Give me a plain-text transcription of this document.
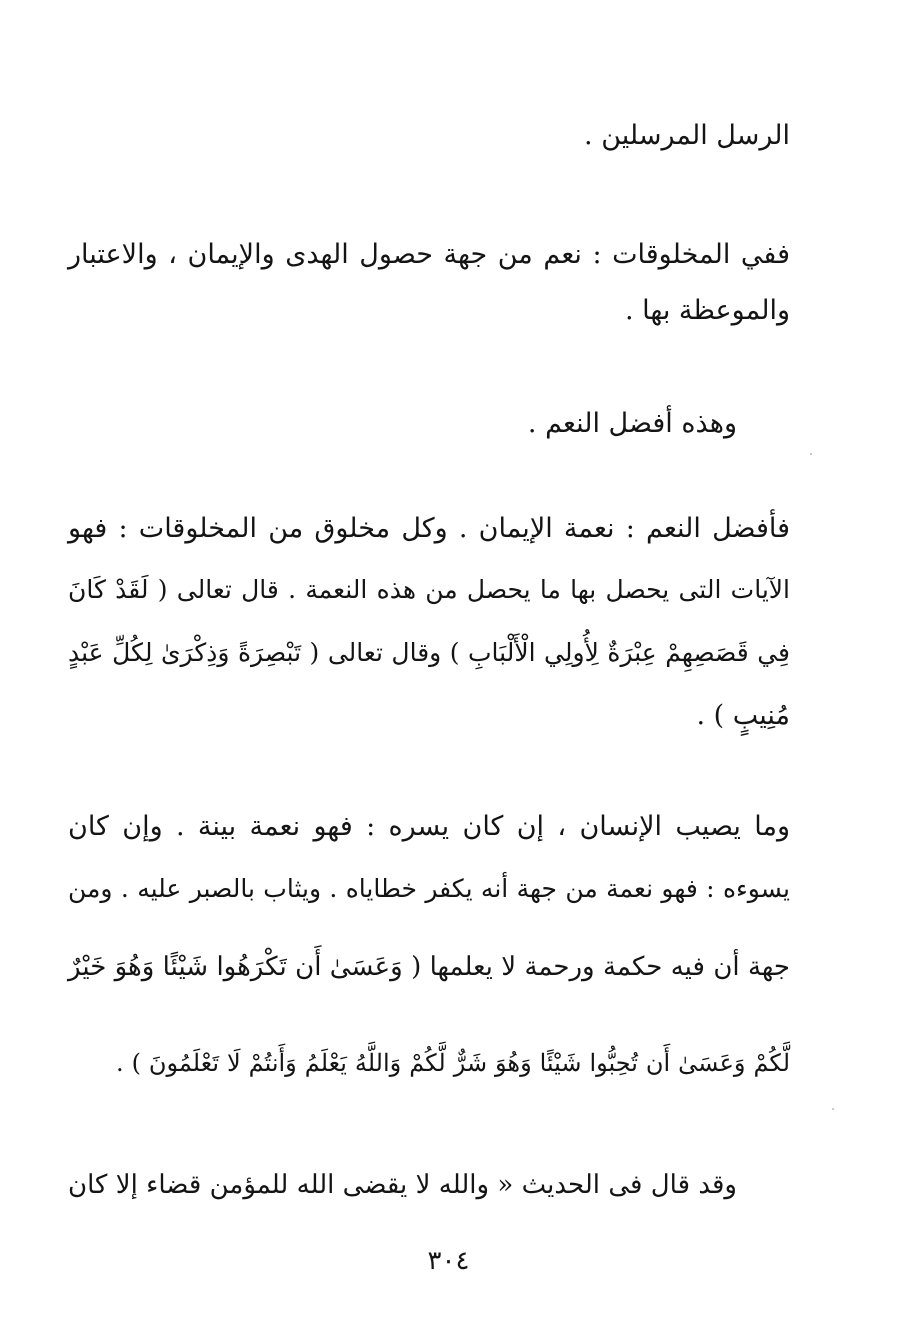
الرسل المرسلين .
ففي المخلوقات : نعم من جهة حصول الهدى والإيمان ، والاعتبار
والموعظة بها .
وهذه أفضل النعم .
فأفضل النعم : نعمة الإيمان . وكل مخلوق من المخلوقات : فهو
الآيات التى يحصل بها ما يحصل من هذه النعمة . قال تعالى ( لَقَدْ كَانَ
فِي قَصَصِهِمْ عِبْرَةٌ لِأُولِي الْأَلْبَابِ ) وقال تعالى ( تَبْصِرَةً وَذِكْرَىٰ لِكُلِّ عَبْدٍ
مُنِيبٍ ) .
وما يصيب الإنسان ، إن كان يسره : فهو نعمة بينة . وإن كان
يسوءه : فهو نعمة من جهة أنه يكفر خطاياه . ويثاب بالصبر عليه . ومن
جهة أن فيه حكمة ورحمة لا يعلمها ( وَعَسَىٰ أَن تَكْرَهُوا شَيْئًا وَهُوَ خَيْرٌ
لَّكُمْ وَعَسَىٰ أَن تُحِبُّوا شَيْئًا وَهُوَ شَرٌّ لَّكُمْ وَاللَّهُ يَعْلَمُ وَأَنتُمْ لَا تَعْلَمُونَ ) .
وقد قال فى الحديث « والله لا يقضى الله للمؤمن قضاء إلا كان
٣٠٤
